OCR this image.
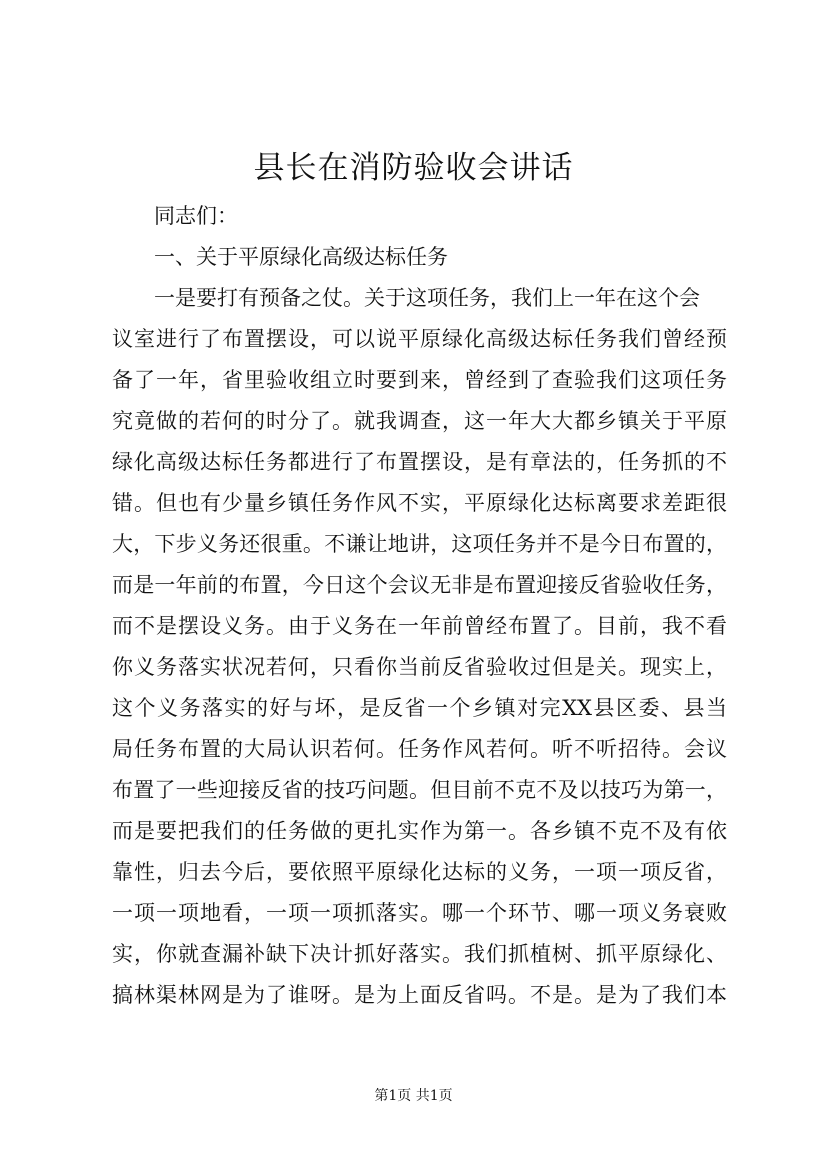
县长在消防验收会讲话
同志们：
一、关于平原绿化高级达标任务
一是要打有预备之仗。关于这项任务，我们上一年在这个会
议室进行了布置摆设，可以说平原绿化高级达标任务我们曾经预
备了一年，省里验收组立时要到来，曾经到了查验我们这项任务
究竟做的若何的时分了。就我调查，这一年大大都乡镇关于平原
绿化高级达标任务都进行了布置摆设，是有章法的，任务抓的不
错。但也有少量乡镇任务作风不实，平原绿化达标离要求差距很
大，下步义务还很重。不谦让地讲，这项任务并不是今日布置的，
而是一年前的布置，今日这个会议无非是布置迎接反省验收任务，
而不是摆设义务。由于义务在一年前曾经布置了。目前，我不看
你义务落实状况若何，只看你当前反省验收过但是关。现实上，
这个义务落实的好与坏，是反省一个乡镇对完XX县区委、县当
局任务布置的大局认识若何。任务作风若何。听不听招待。会议
布置了一些迎接反省的技巧问题。但目前不克不及以技巧为第一，
而是要把我们的任务做的更扎实作为第一。各乡镇不克不及有依
靠性，归去今后，要依照平原绿化达标的义务，一项一项反省，
一项一项地看，一项一项抓落实。哪一个环节、哪一项义务衰败
实，你就查漏补缺下决计抓好落实。我们抓植树、抓平原绿化、
搞林渠林网是为了谁呀。是为上面反省吗。不是。是为了我们本
第1页 共1页
